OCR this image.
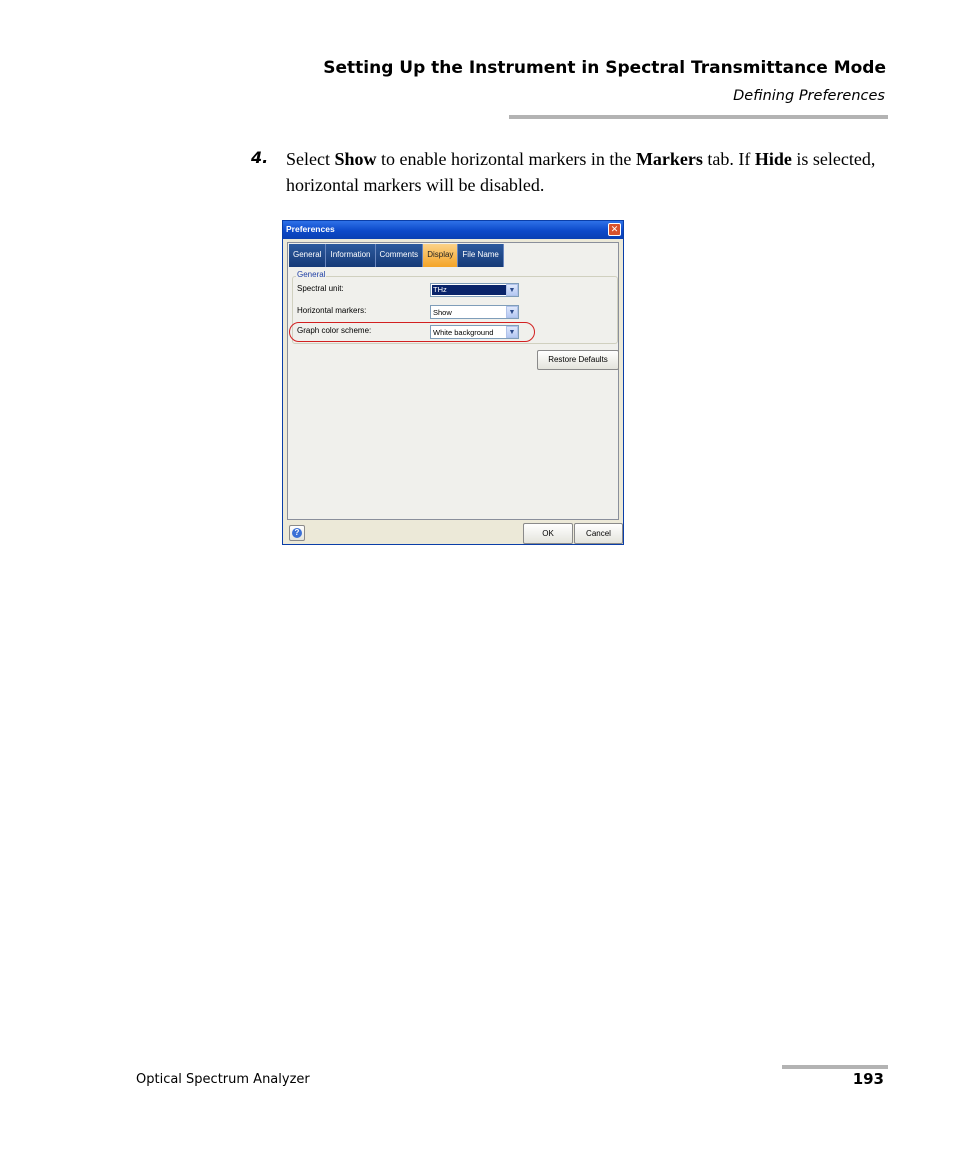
Setting Up the Instrument in Spectral Transmittance Mode
Defining Preferences
4. Select Show to enable horizontal markers in the Markers tab. If Hide is selected, horizontal markers will be disabled.
Preferences	✕
General	Information	Comments	Display	File Name
General
Spectral unit:	THz	▼
Horizontal markers:	Show	▼
Graph color scheme:	White background	▼
Restore Defaults
?	OK	Cancel
Optical Spectrum Analyzer	193
